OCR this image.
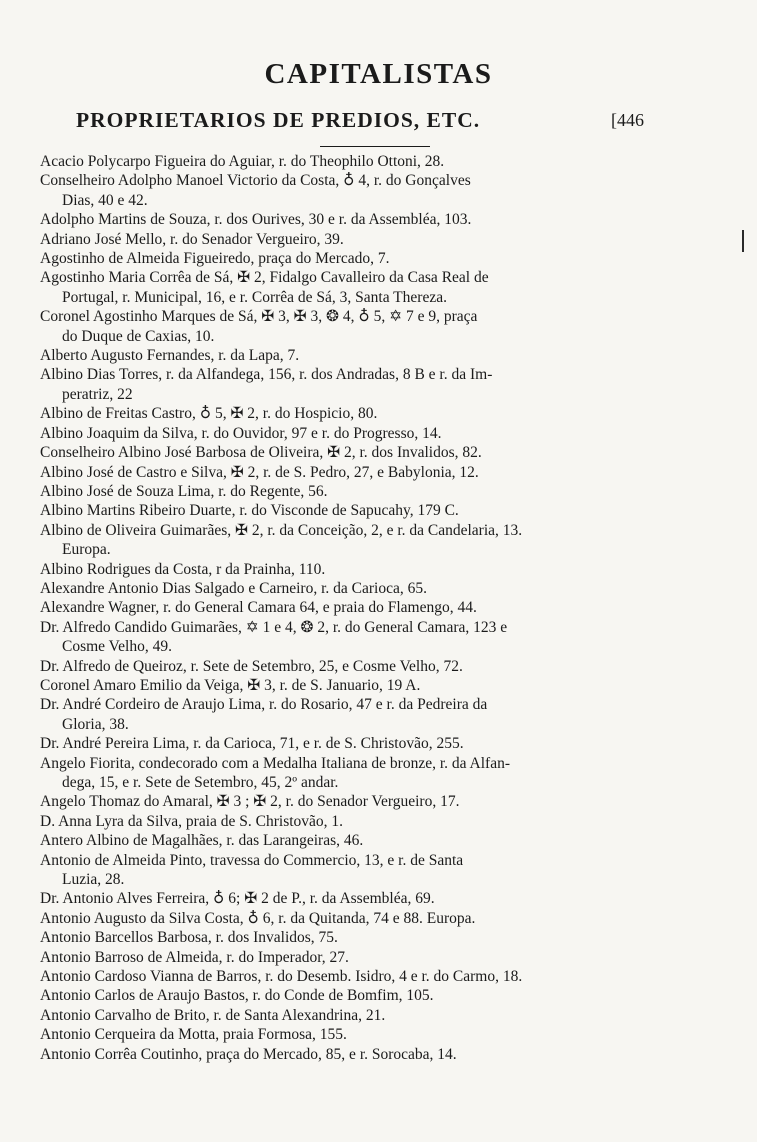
CAPITALISTAS
PROPRIETARIOS DE PREDIOS, ETC.	[446
Acacio Polycarpo Figueira do Aguiar, r. do Theophilo Ottoni, 28.
Conselheiro Adolpho Manoel Victorio da Costa, ♁ 4, r. do Gonçalves
Dias, 40 e 42.
Adolpho Martins de Souza, r. dos Ourives, 30 e r. da Assembléa, 103.
Adriano José Mello, r. do Senador Vergueiro, 39.
Agostinho de Almeida Figueiredo, praça do Mercado, 7.
Agostinho Maria Corrêa de Sá, ✠ 2, Fidalgo Cavalleiro da Casa Real de
Portugal, r. Municipal, 16, e r. Corrêa de Sá, 3, Santa Thereza.
Coronel Agostinho Marques de Sá, ✠ 3, ✠ 3, ❂ 4, ♁ 5, ✡ 7 e 9, praça
do Duque de Caxias, 10.
Alberto Augusto Fernandes, r. da Lapa, 7.
Albino Dias Torres, r. da Alfandega, 156, r. dos Andradas, 8 B e r. da Im-
peratriz, 22
Albino de Freitas Castro, ♁ 5, ✠ 2, r. do Hospicio, 80.
Albino Joaquim da Silva, r. do Ouvidor, 97 e r. do Progresso, 14.
Conselheiro Albino José Barbosa de Oliveira, ✠ 2, r. dos Invalidos, 82.
Albino José de Castro e Silva, ✠ 2, r. de S. Pedro, 27, e Babylonia, 12.
Albino José de Souza Lima, r. do Regente, 56.
Albino Martins Ribeiro Duarte, r. do Visconde de Sapucahy, 179 C.
Albino de Oliveira Guimarães, ✠ 2, r. da Conceição, 2, e r. da Candelaria, 13.
Europa.
Albino Rodrigues da Costa, r da Prainha, 110.
Alexandre Antonio Dias Salgado e Carneiro, r. da Carioca, 65.
Alexandre Wagner, r. do General Camara 64, e praia do Flamengo, 44.
Dr. Alfredo Candido Guimarães, ✡ 1 e 4, ❂ 2, r. do General Camara, 123 e
Cosme Velho, 49.
Dr. Alfredo de Queiroz, r. Sete de Setembro, 25, e Cosme Velho, 72.
Coronel Amaro Emilio da Veiga, ✠ 3, r. de S. Januario, 19 A.
Dr. André Cordeiro de Araujo Lima, r. do Rosario, 47 e r. da Pedreira da
Gloria, 38.
Dr. André Pereira Lima, r. da Carioca, 71, e r. de S. Christovão, 255.
Angelo Fiorita, condecorado com a Medalha Italiana de bronze, r. da Alfan-
dega, 15, e r. Sete de Setembro, 45, 2º andar.
Angelo Thomaz do Amaral, ✠ 3 ; ✠ 2, r. do Senador Vergueiro, 17.
D. Anna Lyra da Silva, praia de S. Christovão, 1.
Antero Albino de Magalhães, r. das Larangeiras, 46.
Antonio de Almeida Pinto, travessa do Commercio, 13, e r. de Santa
Luzia, 28.
Dr. Antonio Alves Ferreira, ♁ 6; ✠ 2 de P., r. da Assembléa, 69.
Antonio Augusto da Silva Costa, ♁ 6, r. da Quitanda, 74 e 88. Europa.
Antonio Barcellos Barbosa, r. dos Invalidos, 75.
Antonio Barroso de Almeida, r. do Imperador, 27.
Antonio Cardoso Vianna de Barros, r. do Desemb. Isidro, 4 e r. do Carmo, 18.
Antonio Carlos de Araujo Bastos, r. do Conde de Bomfim, 105.
Antonio Carvalho de Brito, r. de Santa Alexandrina, 21.
Antonio Cerqueira da Motta, praia Formosa, 155.
Antonio Corrêa Coutinho, praça do Mercado, 85, e r. Sorocaba, 14.
